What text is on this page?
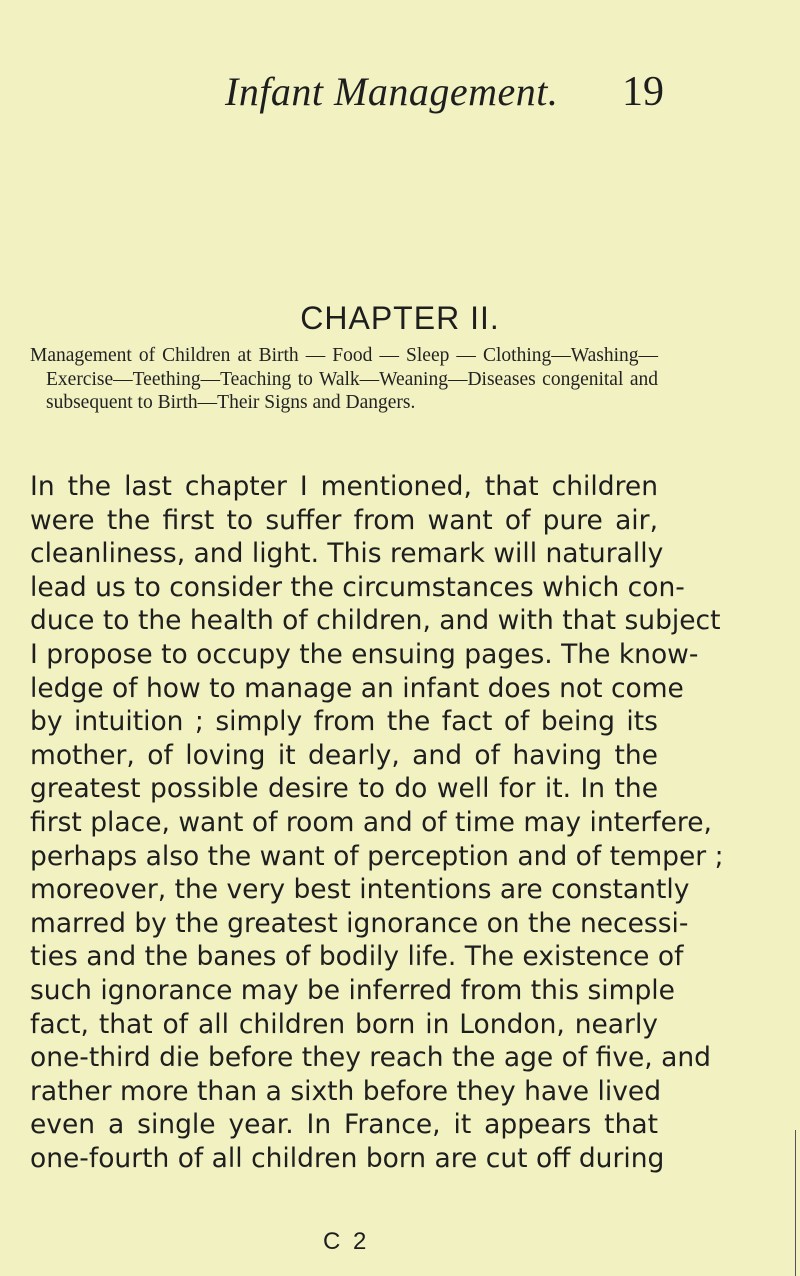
Infant Management. 19
CHAPTER II.

Management of Children at Birth — Food — Sleep — Clothing—Washing—Exercise—Teething—Teaching to Walk—Weaning—Diseases congenital and subsequent to Birth—Their Signs and Dangers.

In the last chapter I mentioned, that children
were the first to suffer from want of pure air,
cleanliness, and light. This remark will naturally
lead us to consider the circumstances which con-
duce to the health of children, and with that subject
I propose to occupy the ensuing pages. The know-
ledge of how to manage an infant does not come
by intuition ; simply from the fact of being its
mother, of loving it dearly, and of having the
greatest possible desire to do well for it. In the
first place, want of room and of time may interfere,
perhaps also the want of perception and of temper ;
moreover, the very best intentions are constantly
marred by the greatest ignorance on the necessi-
ties and the banes of bodily life. The existence of
such ignorance may be inferred from this simple
fact, that of all children born in London, nearly
one-third die before they reach the age of five, and
rather more than a sixth before they have lived
even a single year. In France, it appears that
one-fourth of all children born are cut off during
C 2
